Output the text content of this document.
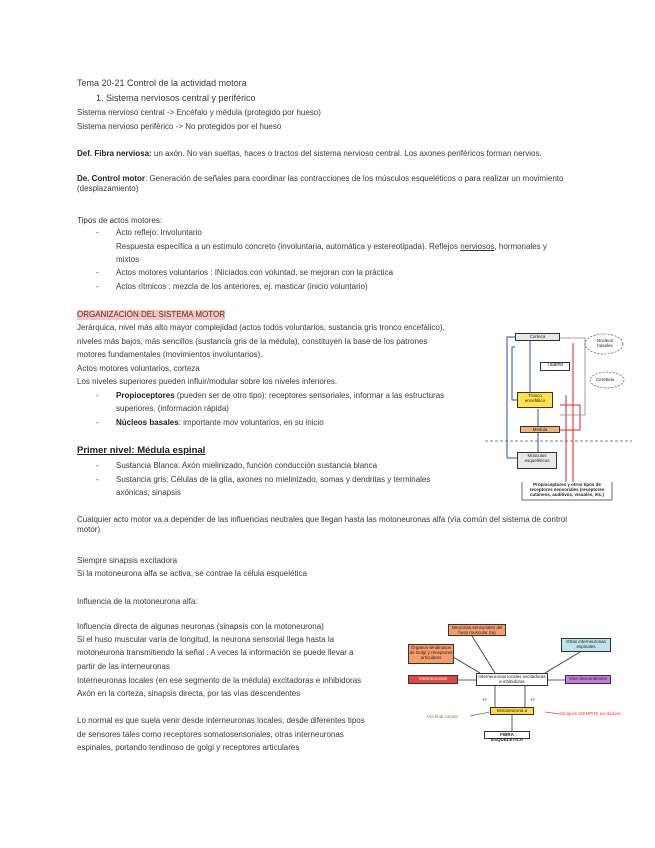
Tema 20-21 Control de la actividad motora
1. Sistema nerviosos central y periférico
Sistema nervioso central -> Encéfalo y médula (protegido por hueso)
Sistema nervioso periférico -> No protegidos por el hueso
Def. Fibra nerviosa: un axón. No van sueltas, haces o tractos del sistema nervioso central. Los axones periféricos forman nervios.
De. Control motor: Generación de señales para coordinar las contracciones de los músculos esqueléticos o para realizar un movimiento (desplazamiento)
Tipos de actos motores:
- Acto reflejo: Involuntario
Respuesta específica a un estímulo concreto (involuntaria, automática y estereotipada). Reflejos nerviosos, hormonales y
mixtos
- Actos motores voluntarios : INiciados con voluntad, se mejoran con la práctica
- Actos rítmicos : mezcla de los anteriores, ej. masticar (inicio voluntario)
ORGANIZACIÓN DEL SISTEMA MOTOR
Jerárquica, nivel más alto mayor complejidad (actos todos voluntarios, sustancia gris tronco encefálico),
niveles más bajos, más sencillos (sustancia gris de la médula), constituyen la base de los patrones
motores fundamentales (movimientos involuntarios).
Actos motores voluntarios, corteza
Los niveles superiores pueden influir/modular sobre los niveles inferiores.
- Propioceptores (pueden ser de otro tipo): receptores sensoriales, informar a las estructuras
superiores. (información rápida)
- Núcleos basales: importante mov voluntarios, en su inicio
Primer nivel: Médula espinal
- Sustancia Blanca: Axón mielinizado, función conducción sustancia blanca
- Sustancia gris: Células de la glía, axones no mielinizado, somas y dendritas y terminales
axónicas, sinapsis
Cualquier acto motor va a depender de las influencias neutrales que llegan hasta las motoneuronas alfa (vía común del sistema de control motor)
Siempre sinapsis excitadora
Si la motoneurona alfa se activa, se contrae la célula esquelética
Influencia de la motoneurona alfa:
Influencia directa de algunas neuronas (sinapsis con la motoneurona)
Si el huso muscular varía de longitud, la neurona sensorial llega hasta la
motoneurona transmitiendo la señal . A veces la información se puede llevar a
partir de las interneuronas
Interneuronas locales (en ese segmento de la médula) excitadoras e inhibidoras
Axón en la corteza, sinapsis directa, por las vías descendentes
Lo normal es que suela venir desde interneuronas locales, desde diferentes tipos
de sensores tales como receptores somatosensoriales, otras interneuronas
espinales, portando tendinoso de golgi y receptores articulares
Corteza
Tálamo
Tronco encefálico
Médula
Músculos esqueléticos
Núcleos basales
Cerebelo
Propioceptores y otros tipos de receptores sensoriales (receptores cutáneos, auditivos, visuales, etc.)
Neuronas sensoriales del huso muscular (Ia)
Órganos tendinosos de Golgi y receptores articulares
Otras interneuronas espinales
Interneuronas	Vías descendentes
Interneuronas locales excitadoras e inhibidoras
Motoneurona α
+/-	+/-
Vía final común
Sinapsis SIEMPRE excitadora
FIBRA ESQUELÉTICA
